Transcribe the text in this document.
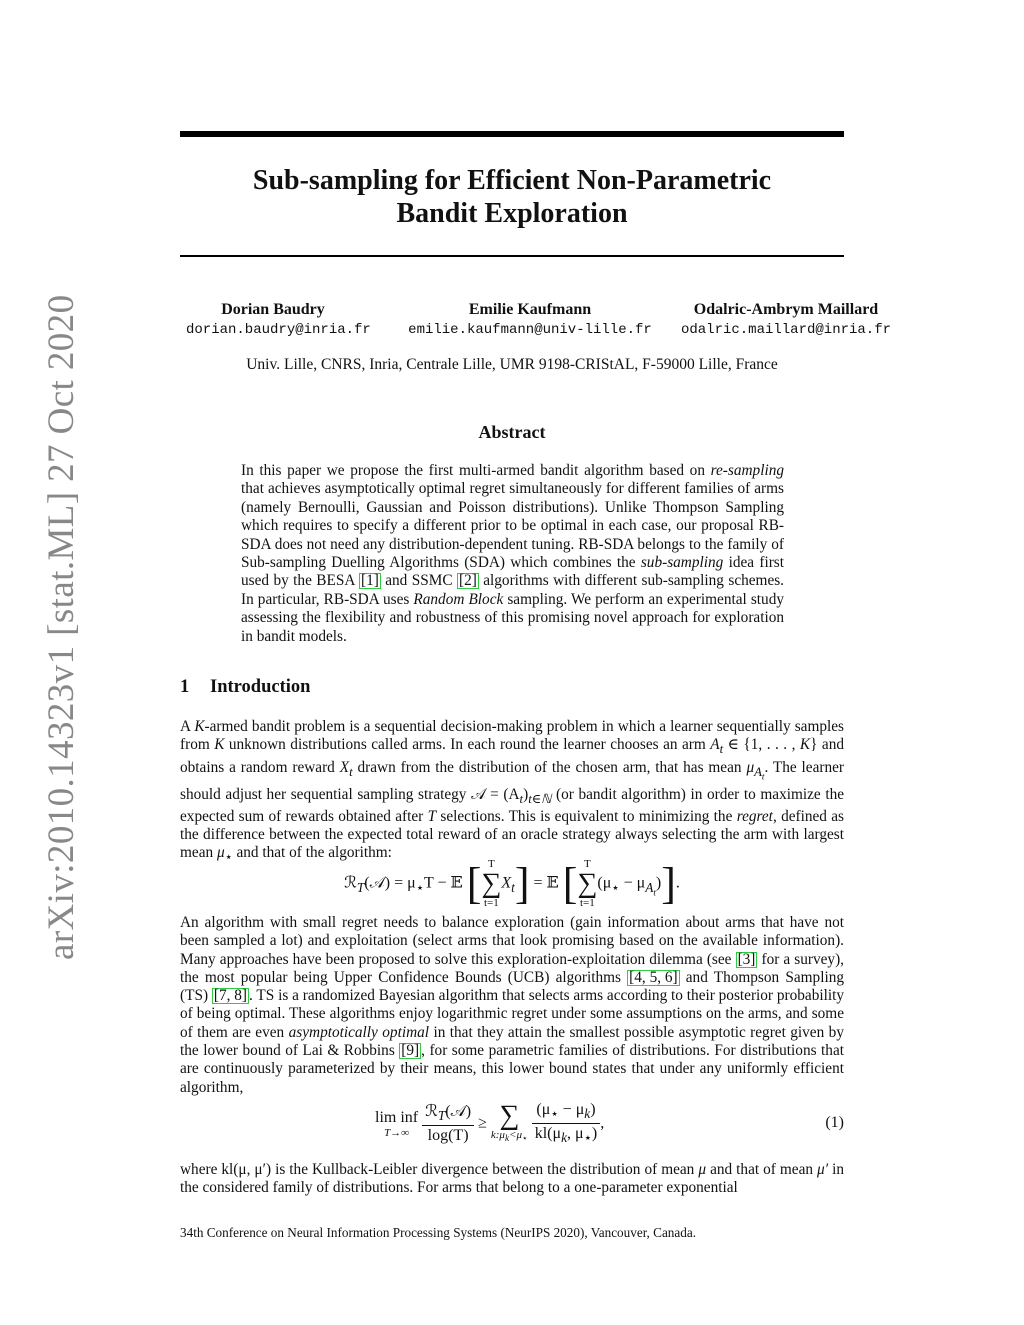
arXiv:2010.14323v1 [stat.ML] 27 Oct 2020
Sub-sampling for Efficient Non-Parametric
Bandit Exploration
Dorian Baudry
dorian.baudry@inria.fr
Emilie Kaufmann
emilie.kaufmann@univ-lille.fr
Odalric-Ambrym Maillard
odalric.maillard@inria.fr
Univ. Lille, CNRS, Inria, Centrale Lille, UMR 9198-CRIStAL, F-59000 Lille, France
Abstract
In this paper we propose the first multi-armed bandit algorithm based on re-sampling that achieves asymptotically optimal regret simultaneously for different families of arms (namely Bernoulli, Gaussian and Poisson distributions). Unlike Thompson Sampling which requires to specify a different prior to be optimal in each case, our proposal RB-SDA does not need any distribution-dependent tuning. RB-SDA belongs to the family of Sub-sampling Duelling Algorithms (SDA) which combines the sub-sampling idea first used by the BESA [1] and SSMC [2] algorithms with different sub-sampling schemes. In particular, RB-SDA uses Random Block sampling. We perform an experimental study assessing the flexibility and robustness of this promising novel approach for exploration in bandit models.
1 Introduction
A K-armed bandit problem is a sequential decision-making problem in which a learner sequentially samples from K unknown distributions called arms. In each round the learner chooses an arm $A_t$ ∈ {1, . . . , K} and obtains a random reward $X_t$ drawn from the distribution of the chosen arm, that has mean $\mu_{A_t}$. The learner should adjust her sequential sampling strategy 𝒜 = $(A_t)_{t\in ℕ}$ (or bandit algorithm) in order to maximize the expected sum of rewards obtained after T selections. This is equivalent to minimizing the regret, defined as the difference between the expected total reward of an oracle strategy always selecting the arm with largest mean $\mu_⋆$ and that of the algorithm:
ℛ$_T$(𝒜) = $\mu_⋆T$ − 𝔼 [ T
∑
t=1
$X_t$] = 𝔼 [ T
∑
t=1
$(\mu_⋆ - \mu_{A_t})$].
An algorithm with small regret needs to balance exploration (gain information about arms that have not been sampled a lot) and exploitation (select arms that look promising based on the available information). Many approaches have been proposed to solve this exploration-exploitation dilemma (see [3] for a survey), the most popular being Upper Confidence Bounds (UCB) algorithms [4, 5, 6] and Thompson Sampling (TS) [7, 8] . TS is a randomized Bayesian algorithm that selects arms according to their posterior probability of being optimal. These algorithms enjoy logarithmic regret under some assumptions on the arms, and some of them are even asymptotically optimal in that they attain the smallest possible asymptotic regret given by the lower bound of Lai & Robbins [9] , for some parametric families of distributions. For distributions that are continuously parameterized by their means, this lower bound states that under any uniformly efficient algorithm,
lim inf
T→∞
$\frac{ℛ_T(𝒜)}{\log(T)}$ ≥ ∑
$k:\mu_k<\mu_⋆$
$\frac{(\mu_⋆ - \mu_k)}{kl(\mu_k, \mu_⋆)}$ ,	(1)
where kl(μ, μ′) is the Kullback-Leibler divergence between the distribution of mean μ and that of mean μ′ in the considered family of distributions. For arms that belong to a one-parameter exponential
34th Conference on Neural Information Processing Systems (NeurIPS 2020), Vancouver, Canada.
